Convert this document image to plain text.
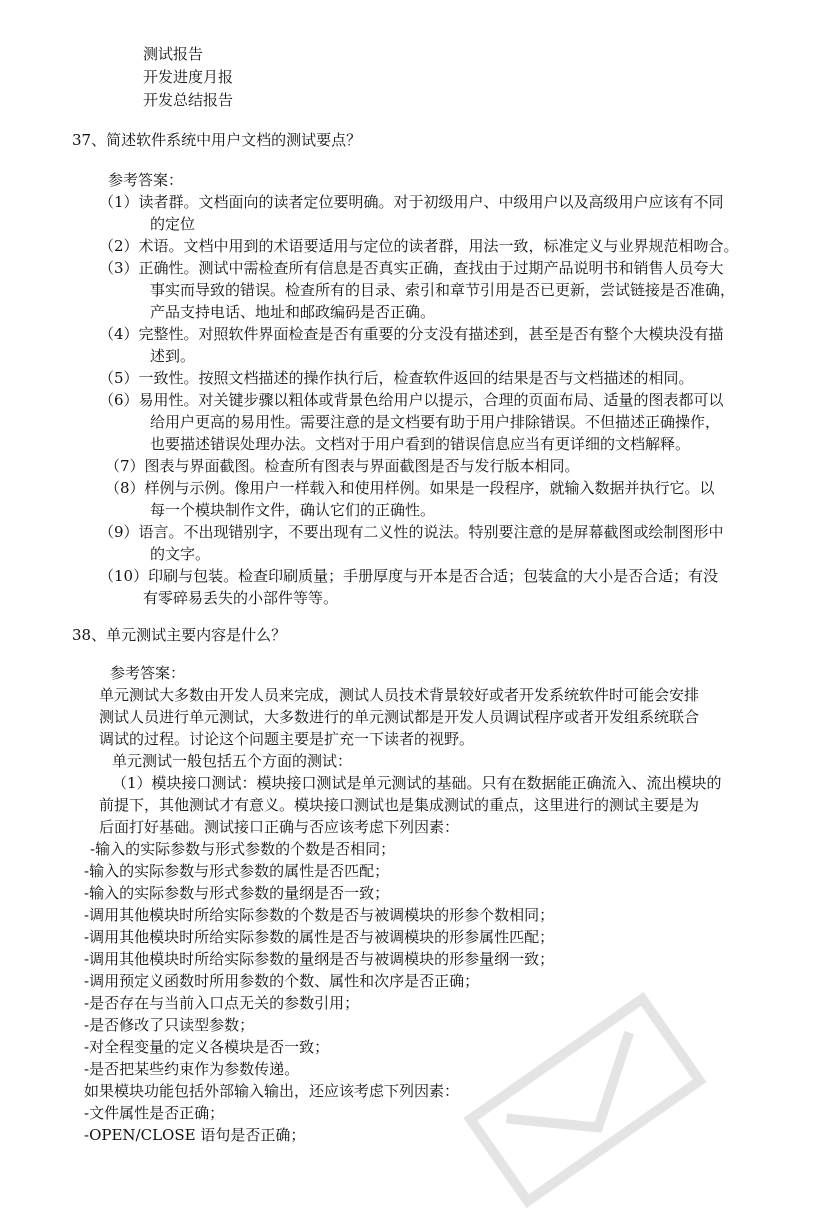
测试报告
开发进度月报
开发总结报告
37、简述软件系统中用户文档的测试要点？
参考答案：
（1）读者群。文档面向的读者定位要明确。对于初级用户、中级用户以及高级用户应该有不同
的定位
（2）术语。文档中用到的术语要适用与定位的读者群，用法一致，标准定义与业界规范相吻合。
（3）正确性。测试中需检查所有信息是否真实正确，查找由于过期产品说明书和销售人员夸大
事实而导致的错误。检查所有的目录、索引和章节引用是否已更新，尝试链接是否准确，
产品支持电话、地址和邮政编码是否正确。
（4）完整性。对照软件界面检查是否有重要的分支没有描述到，甚至是否有整个大模块没有描
述到。
（5）一致性。按照文档描述的操作执行后，检查软件返回的结果是否与文档描述的相同。
（6）易用性。对关键步骤以粗体或背景色给用户以提示，合理的页面布局、适量的图表都可以
给用户更高的易用性。需要注意的是文档要有助于用户排除错误。不但描述正确操作，
也要描述错误处理办法。文档对于用户看到的错误信息应当有更详细的文档解释。
（7）图表与界面截图。检查所有图表与界面截图是否与发行版本相同。
（8）样例与示例。像用户一样载入和使用样例。如果是一段程序，就输入数据并执行它。以
每一个模块制作文件，确认它们的正确性。
（9）语言。不出现错别字，不要出现有二义性的说法。特别要注意的是屏幕截图或绘制图形中
的文字。
（10）印刷与包装。检查印刷质量；手册厚度与开本是否合适；包装盒的大小是否合适；有没
有零碎易丢失的小部件等等。
38、单元测试主要内容是什么？
参考答案：
单元测试大多数由开发人员来完成，测试人员技术背景较好或者开发系统软件时可能会安排
测试人员进行单元测试，大多数进行的单元测试都是开发人员调试程序或者开发组系统联合
调试的过程。讨论这个问题主要是扩充一下读者的视野。
单元测试一般包括五个方面的测试：
（1）模块接口测试：模块接口测试是单元测试的基础。只有在数据能正确流入、流出模块的
前提下，其他测试才有意义。模块接口测试也是集成测试的重点，这里进行的测试主要是为
后面打好基础。测试接口正确与否应该考虑下列因素：
-输入的实际参数与形式参数的个数是否相同；
-输入的实际参数与形式参数的属性是否匹配；
-输入的实际参数与形式参数的量纲是否一致；
-调用其他模块时所给实际参数的个数是否与被调模块的形参个数相同；
-调用其他模块时所给实际参数的属性是否与被调模块的形参属性匹配；
-调用其他模块时所给实际参数的量纲是否与被调模块的形参量纲一致；
-调用预定义函数时所用参数的个数、属性和次序是否正确；
-是否存在与当前入口点无关的参数引用；
-是否修改了只读型参数；
-对全程变量的定义各模块是否一致；
-是否把某些约束作为参数传递。
如果模块功能包括外部输入输出，还应该考虑下列因素：
-文件属性是否正确；
-OPEN/CLOSE 语句是否正确；
